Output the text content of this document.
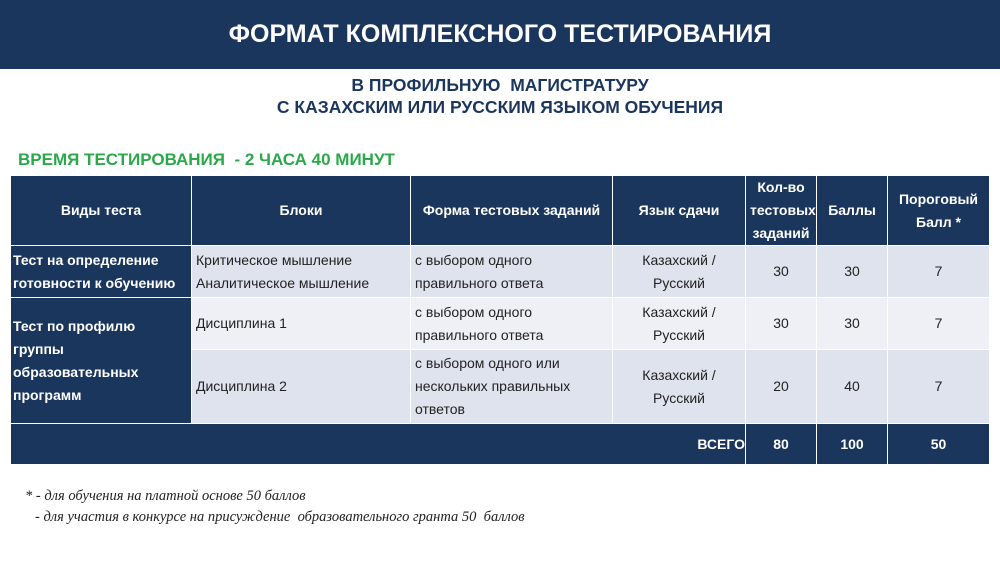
ФОРМАТ КОМПЛЕКСНОГО ТЕСТИРОВАНИЯ
В ПРОФИЛЬНУЮ  МАГИСТРАТУРУ
С КАЗАХСКИМ ИЛИ РУССКИМ ЯЗЫКОМ ОБУЧЕНИЯ
ВРЕМЯ ТЕСТИРОВАНИЯ  - 2 ЧАСА 40 МИНУТ
Виды теста	Блоки	Форма тестовых заданий	Язык сдачи	Кол-во тестовых заданий	Баллы	Пороговый Балл *
Тест на определение готовности к обучению	Критическое мышление Аналитическое мышление	с выбором одного правильного ответа	Казахский / Русский	30	30	7
Тест по профилю группы образовательных программ	Дисциплина 1	с выбором одного правильного ответа	Казахский / Русский	30	30	7
	Дисциплина 2	с выбором одного или нескольких правильных ответов	Казахский / Русский	20	40	7
ВСЕГО				80	100	50
* - для обучения на платной основе 50 баллов
- для участия в конкурсе на присуждение  образовательного гранта 50  баллов
